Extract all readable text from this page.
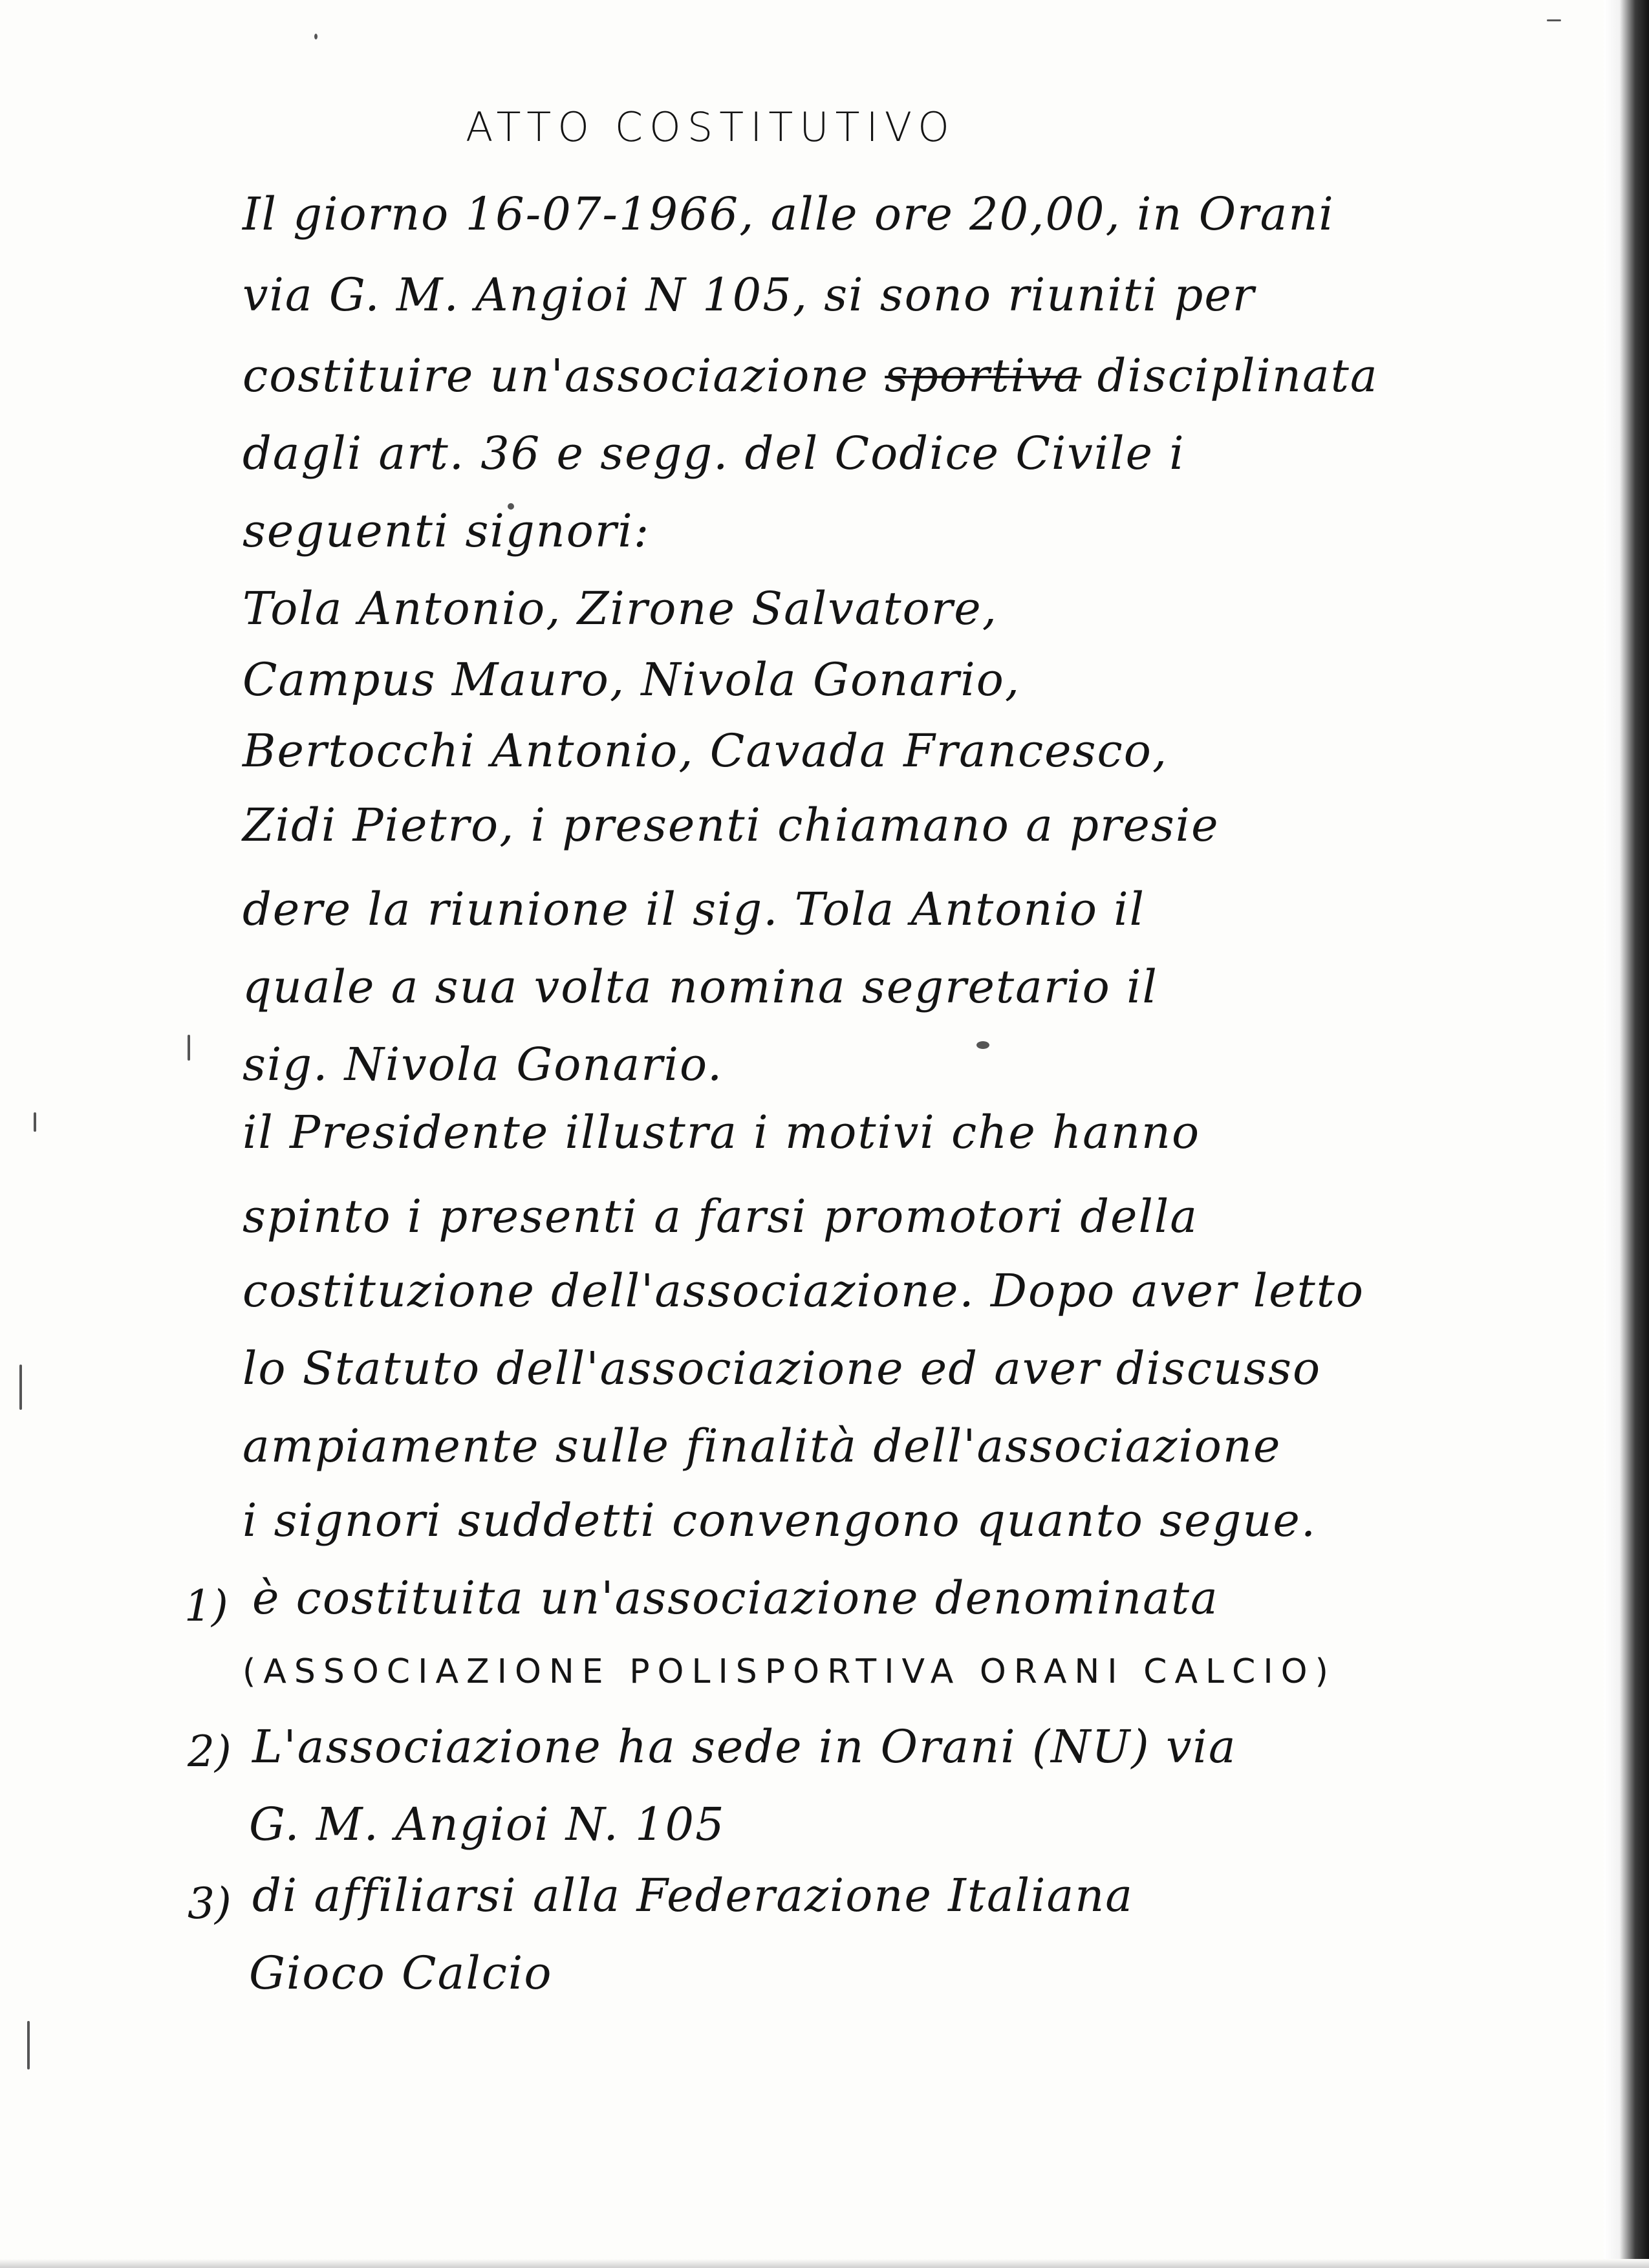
ATTO COSTITUTIVO
Il giorno 16-07-1966, alle ore 20,00, in Orani
via G. M. Angioi N 105, si sono riuniti per
costituire un'associazione sportiva disciplinata
dagli art. 36 e segg. del Codice Civile i
seguenti signori:
Tola Antonio, Zirone Salvatore,
Campus Mauro, Nivola Gonario,
Bertocchi Antonio, Cavada Francesco,
Zidi Pietro, i presenti chiamano a presie
dere la riunione il sig. Tola Antonio il
quale a sua volta nomina segretario il
sig. Nivola Gonario.
il Presidente illustra i motivi che hanno
spinto i presenti a farsi promotori della
costituzione dell'associazione. Dopo aver letto
lo Statuto dell'associazione ed aver discusso
ampiamente sulle finalità dell'associazione
i signori suddetti convengono quanto segue.
1) è costituita un'associazione denominata
(ASSOCIAZIONE POLISPORTIVA ORANI CALCIO)
2) L'associazione ha sede in Orani (NU) via
G. M. Angioi N. 105
3) di affiliarsi alla Federazione Italiana
Gioco Calcio
